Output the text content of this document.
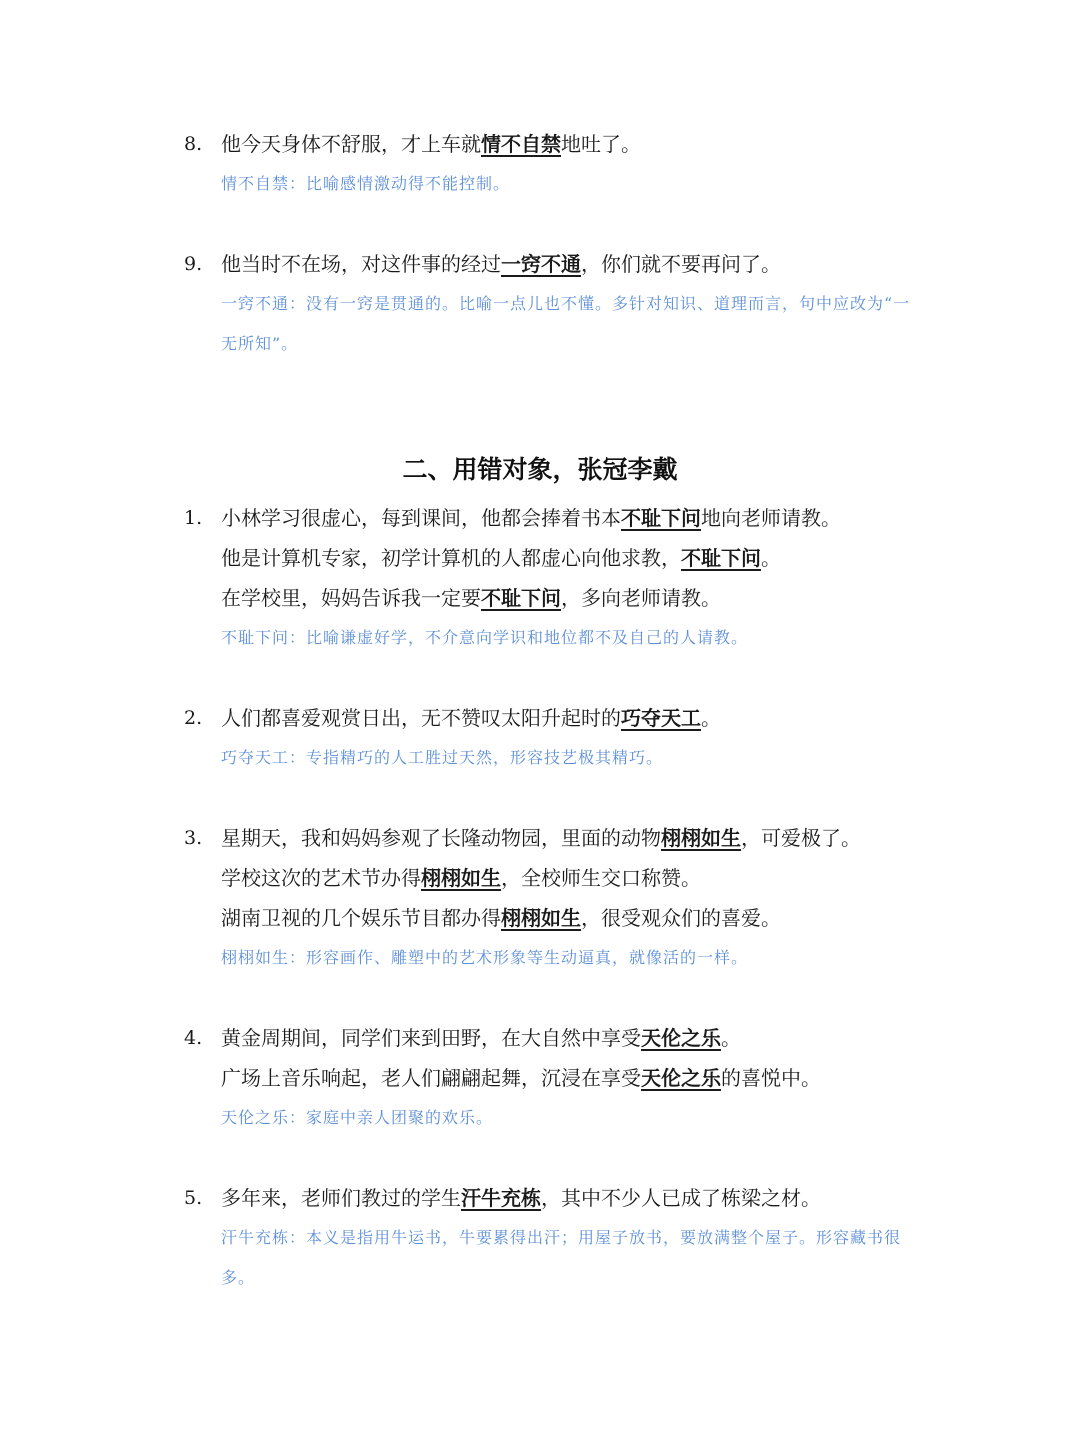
8. 他今天身体不舒服，才上车就情不自禁地吐了。
情不自禁：比喻感情激动得不能控制。
9. 他当时不在场，对这件事的经过一窍不通，你们就不要再问了。
一窍不通：没有一窍是贯通的。比喻一点儿也不懂。多针对知识、道理而言，句中应改为“一无所知”。
二、用错对象，张冠李戴
1. 小林学习很虚心，每到课间，他都会捧着书本不耻下问地向老师请教。
他是计算机专家，初学计算机的人都虚心向他求教，不耻下问。
在学校里，妈妈告诉我一定要不耻下问，多向老师请教。
不耻下问：比喻谦虚好学，不介意向学识和地位都不及自己的人请教。
2. 人们都喜爱观赏日出，无不赞叹太阳升起时的巧夺天工。
巧夺天工：专指精巧的人工胜过天然，形容技艺极其精巧。
3. 星期天，我和妈妈参观了长隆动物园，里面的动物栩栩如生，可爱极了。
学校这次的艺术节办得栩栩如生，全校师生交口称赞。
湖南卫视的几个娱乐节目都办得栩栩如生，很受观众们的喜爱。
栩栩如生：形容画作、雕塑中的艺术形象等生动逼真，就像活的一样。
4. 黄金周期间，同学们来到田野，在大自然中享受天伦之乐。
广场上音乐响起，老人们翩翩起舞，沉浸在享受天伦之乐的喜悦中。
天伦之乐：家庭中亲人团聚的欢乐。
5. 多年来，老师们教过的学生汗牛充栋，其中不少人已成了栋梁之材。
汗牛充栋：本义是指用牛运书，牛要累得出汗；用屋子放书，要放满整个屋子。形容藏书很多。
